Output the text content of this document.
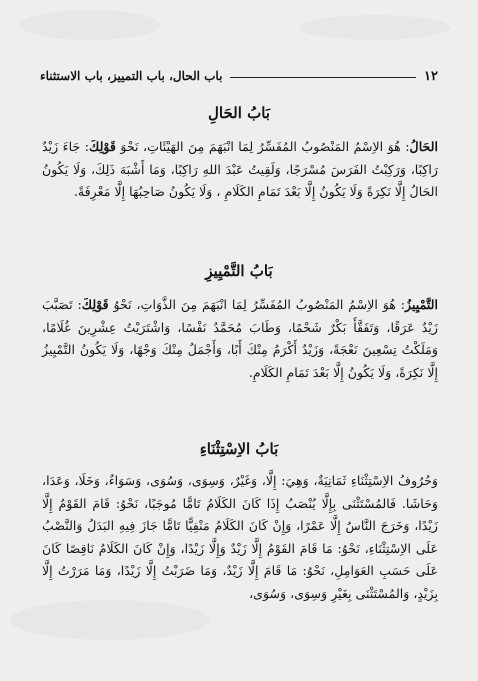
١٢
باب الحال، باب التمييز، باب الاستثناء
بَابُ الحَالِ
الحَالُ: هُوَ الاِسْمُ المَنْصُوبُ المُفَسِّرُ لِمَا انْبَهَمَ مِنَ الهَيْئَاتِ، نَحْوَ قَوْلِكَ: جَاءَ زَيْدٌ رَاكِبًا، وَرَكِبْتُ الفَرَسَ مُسْرَجًا، وَلَقِيتُ عَبْدَ اللهِ رَاكِبًا، وَمَا أَشْبَهَ ذَلِكَ، وَلَا يَكُونُ الحَالُ إِلَّا نَكِرَةً وَلَا يَكُونُ إِلَّا بَعْدَ تَمَامِ الكَلَامِ ، وَلَا يَكُونُ صَاحِبُهَا إِلَّا مَعْرِفَةً.
بَابُ التَّمْيِيزِ
التَّمْيِيزُ: هُوَ الاِسْمُ المَنْصُوبُ المُفَسِّرُ لِمَا انْبَهَمَ مِنَ الذَّوَاتِ، نَحْوُ قَوْلِكَ: تَصَبَّبَ زَيْدٌ عَرَقًا، وَتَفَقَّأَ بَكْرٌ شَحْمًا، وَطَابَ مُحَمَّدٌ نَفْسًا، وَاشْتَرَيْتُ عِشْرِينَ غُلَامًا، وَمَلَكْتُ تِسْعِينَ نَعْجَةً، وَزَيْدٌ أَكْرَمُ مِنْكَ أَبًا، وَأَجْمَلُ مِنْكَ وَجْهًا، وَلَا يَكُونُ التَّمْيِيزُ إِلَّا نَكِرَةً، وَلَا يَكُونُ إِلَّا بَعْدَ تَمَامِ الكَلَامِ.
بَابُ الاِسْتِثْنَاءِ
وَحُرُوفُ الاِسْتِثْنَاءِ ثَمَانِيَةٌ، وَهِيَ: إِلَّا، وَغَيْرٌ، وَسِوَى، وَسُوَى، وَسَوَاءٌ، وَخَلَا، وَعَدَا، وَحَاشَا. فَالمُسْتَثْنَى بِإِلَّا يُنْصَبُ إِذَا كَانَ الكَلَامُ تَامًّا مُوجَبًا، نَحْوُ: قَامَ القَوْمُ إِلَّا زَيْدًا، وَخَرَجَ النَّاسُ إِلَّا عَمْرًا، وَإِنْ كَانَ الكَلَامُ مَنْفِيًّا تَامًّا جَازَ فِيهِ البَدَلُ وَالنَّصْبُ عَلَى الاِسْتِثْنَاءِ، نَحْوُ: مَا قَامَ القَوْمُ إِلَّا زَيْدٌ وَإِلَّا زَيْدًا، وَإِنْ كَانَ الكَلَامُ نَاقِصًا كَانَ عَلَى حَسَبِ العَوَامِلِ، نَحْوُ: مَا قَامَ إِلَّا زَيْدٌ، وَمَا ضَرَبْتُ إِلَّا زَيْدًا، وَمَا مَرَرْتُ إِلَّا بِزَيْدٍ، وَالمُسْتَثْنَى بِغَيْرِ وَسِوَى، وَسُوَى،
